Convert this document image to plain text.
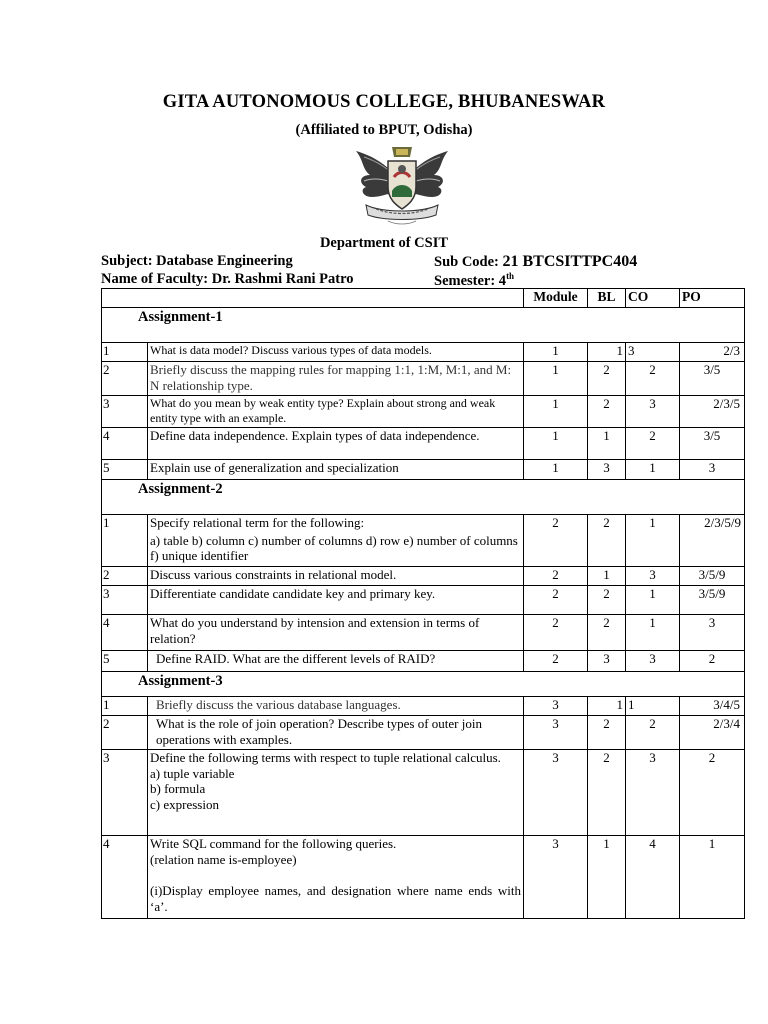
GITA AUTONOMOUS COLLEGE, BHUBANESWAR
(Affiliated to BPUT, Odisha)
Department of CSIT
Subject: Database Engineering	Sub Code: 21 BTCSITTPC404
Name of Faculty: Dr. Rashmi Rani Patro	Semester: 4th
		Module	BL	CO	PO
Assignment-1					
1	What is data model? Discuss various types of data models.	1	1	3	2/3
2	Briefly discuss the mapping rules for mapping 1:1, 1:M, M:1, and M: N relationship type.	1	2	2	3/5
3	What do you mean by weak entity type? Explain about strong and weak entity type with an example.	1	2	3	2/3/5
4	Define data independence. Explain types of data independence.	1	1	2	3/5
5	Explain use of generalization and specialization	1	3	1	3
Assignment-2					
1	Specify relational term for the following:
a) table b) column c) number of columns d) row e) number of columns f) unique identifier	2	2	1	2/3/5/9
2	Discuss various constraints in relational model.	2	1	3	3/5/9
3	Differentiate candidate candidate key and primary key.	2	2	1	3/5/9
4	What do you understand by intension and extension in terms of relation?	2	2	1	3
5	Define RAID. What are the different levels of RAID?	2	3	3	2
Assignment-3					
1	Briefly discuss the various database languages.	3	1	1	3/4/5
2	What is the role of join operation? Describe types of outer join operations with examples.	3	2	2	2/3/4
3	Define the following terms with respect to tuple relational calculus.
a) tuple variable
b) formula
c) expression	3	2	3	2
4	Write SQL command for the following queries.
(relation name is-employee)
(i)Display employee names, and designation where name ends with ‘a’.	3	1	4	1
